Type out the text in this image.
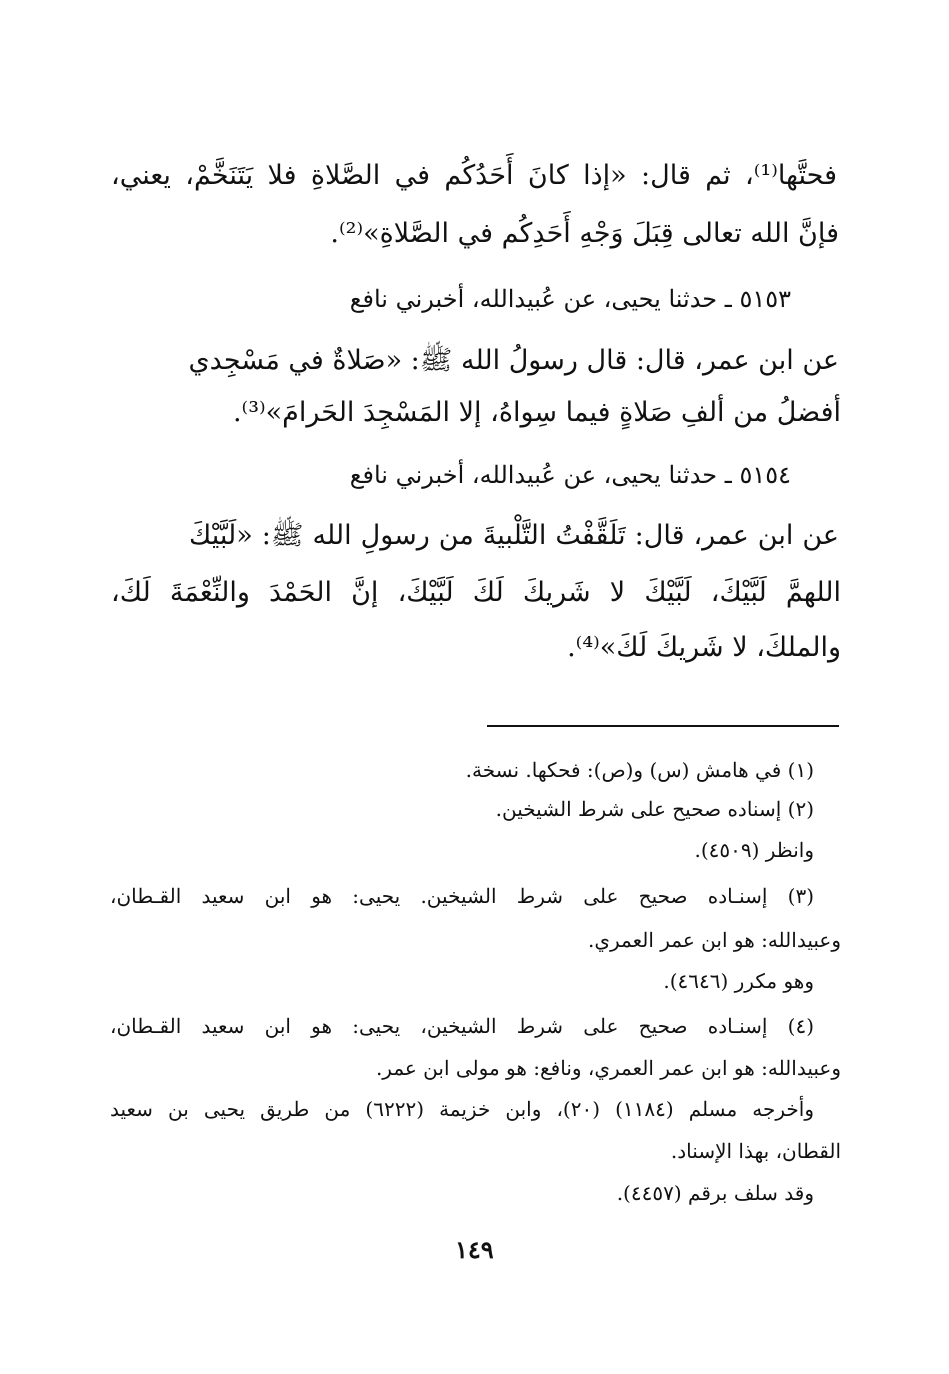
فحتَّها⁽¹⁾، ثم قال: «إذا كانَ أَحَدُكُم في الصَّلاةِ فلا يَتَنَخَّمْ، يعني،
فإنَّ الله تعالى قِبَلَ وَجْهِ أَحَدِكُم في الصَّلاةِ»⁽²⁾.
٥١٥٣ ـ حدثنا يحيى، عن عُبيدالله، أخبرني نافع
عن ابن عمر، قال: قال رسولُ الله ﷺ: «صَلاةٌ في مَسْجِدي
أفضلُ من ألفِ صَلاةٍ فيما سِواهُ، إلا المَسْجِدَ الحَرامَ»⁽³⁾.
٥١٥٤ ـ حدثنا يحيى، عن عُبيدالله، أخبرني نافع
عن ابن عمر، قال: تَلَقَّفْتُ التَّلْبيةَ من رسولِ الله ﷺ: «لَبَّيْكَ
اللهمَّ لَبَّيْكَ، لَبَّيْكَ لا شَريكَ لَكَ لَبَّيْكَ، إنَّ الحَمْدَ والنِّعْمَةَ لَكَ،
والملكَ، لا شَريكَ لَكَ»⁽⁴⁾.
(١) في هامش (س) و(ص): فحكها. نسخة.
(٢) إسناده صحيح على شرط الشيخين.
وانظر (٤٥٠٩).
(٣) إسنـاده صحيح على شرط الشيخين. يحيى: هو ابن سعيد القـطان،
وعبيدالله: هو ابن عمر العمري.
وهو مكرر (٤٦٤٦).
(٤) إسنـاده صحيح على شرط الشيخين، يحيى: هو ابن سعيد القـطان،
وعبيدالله: هو ابن عمر العمري، ونافع: هو مولى ابن عمر.
وأخرجه مسلم (١١٨٤) (٢٠)، وابن خزيمة (٦٢٢٢) من طريق يحيى بن سعيد
القطان، بهذا الإسناد.
وقد سلف برقم (٤٤٥٧).
١٤٩
